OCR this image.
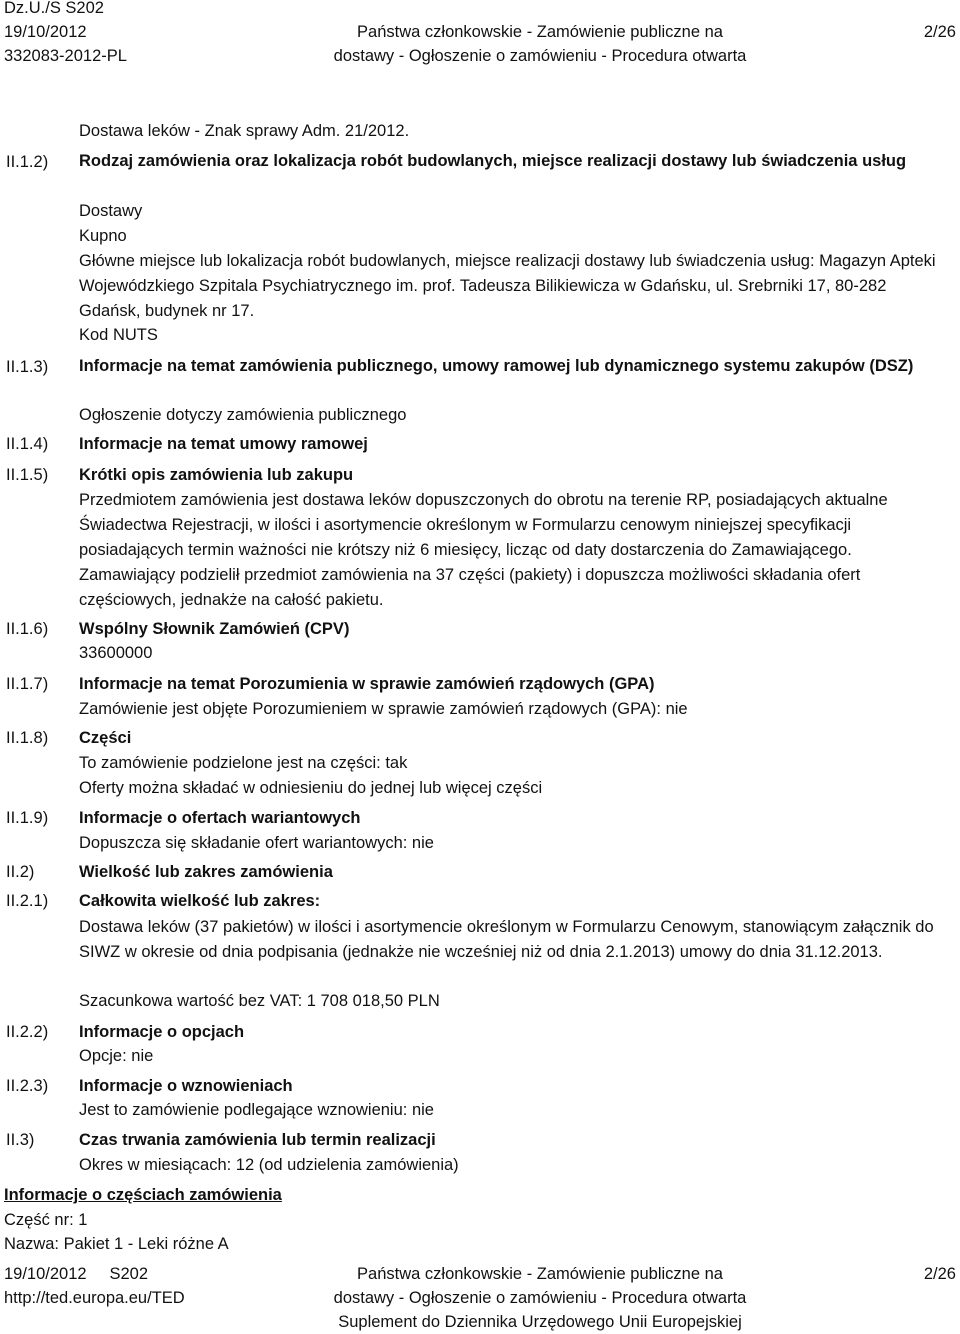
Dz.U./S S202
19/10/2012
332083-2012-PL
Państwa członkowskie - Zamówienie publiczne na
dostawy - Ogłoszenie o zamówieniu - Procedura otwarta
2/26
II.1.2)
II.1.3)
II.1.4)
II.1.5)
II.1.6)
II.1.7)
II.1.8)
II.1.9)
II.2)
II.2.1)
II.2.2)
II.2.3)
II.3)
Dostawa leków - Znak sprawy Adm. 21/2012.
Rodzaj zamówienia oraz lokalizacja robót budowlanych, miejsce realizacji dostawy lub świadczenia usług
Dostawy
Kupno
Główne miejsce lub lokalizacja robót budowlanych, miejsce realizacji dostawy lub świadczenia usług: Magazyn Apteki Wojewódzkiego Szpitala Psychiatrycznego im. prof. Tadeusza Bilikiewicza w Gdańsku, ul. Srebrniki 17, 80-282 Gdańsk, budynek nr 17.
Kod NUTS
Informacje na temat zamówienia publicznego, umowy ramowej lub dynamicznego systemu zakupów (DSZ)
Ogłoszenie dotyczy zamówienia publicznego
Informacje na temat umowy ramowej
Krótki opis zamówienia lub zakupu
Przedmiotem zamówienia jest dostawa leków dopuszczonych do obrotu na terenie RP, posiadających aktualne Świadectwa Rejestracji, w ilości i asortymencie określonym w Formularzu cenowym niniejszej specyfikacji posiadających termin ważności nie krótszy niż 6 miesięcy, licząc od daty dostarczenia do Zamawiającego. Zamawiający podzielił przedmiot zamówienia na 37 części (pakiety) i dopuszcza możliwości składania ofert częściowych, jednakże na całość pakietu.
Wspólny Słownik Zamówień (CPV)
33600000
Informacje na temat Porozumienia w sprawie zamówień rządowych (GPA)
Zamówienie jest objęte Porozumieniem w sprawie zamówień rządowych (GPA): nie
Części
To zamówienie podzielone jest na części: tak
Oferty można składać w odniesieniu do jednej lub więcej części
Informacje o ofertach wariantowych
Dopuszcza się składanie ofert wariantowych: nie
Wielkość lub zakres zamówienia
Całkowita wielkość lub zakres:
Dostawa leków (37 pakietów) w ilości i asortymencie określonym w Formularzu Cenowym, stanowiącym załącznik do SIWZ w okresie od dnia podpisania (jednakże nie wcześniej niż od dnia 2.1.2013) umowy do dnia 31.12.2013.
Szacunkowa wartość bez VAT: 1 708 018,50 PLN
Informacje o opcjach
Opcje: nie
Informacje o wznowieniach
Jest to zamówienie podlegające wznowieniu: nie
Czas trwania zamówienia lub termin realizacji
Okres w miesiącach: 12 (od udzielenia zamówienia)
Informacje o częściach zamówienia
Część nr: 1
Nazwa: Pakiet 1 - Leki różne A
19/10/2012     S202
http://ted.europa.eu/TED
Państwa członkowskie - Zamówienie publiczne na
dostawy - Ogłoszenie o zamówieniu - Procedura otwarta
Suplement do Dziennika Urzędowego Unii Europejskiej
2/26
